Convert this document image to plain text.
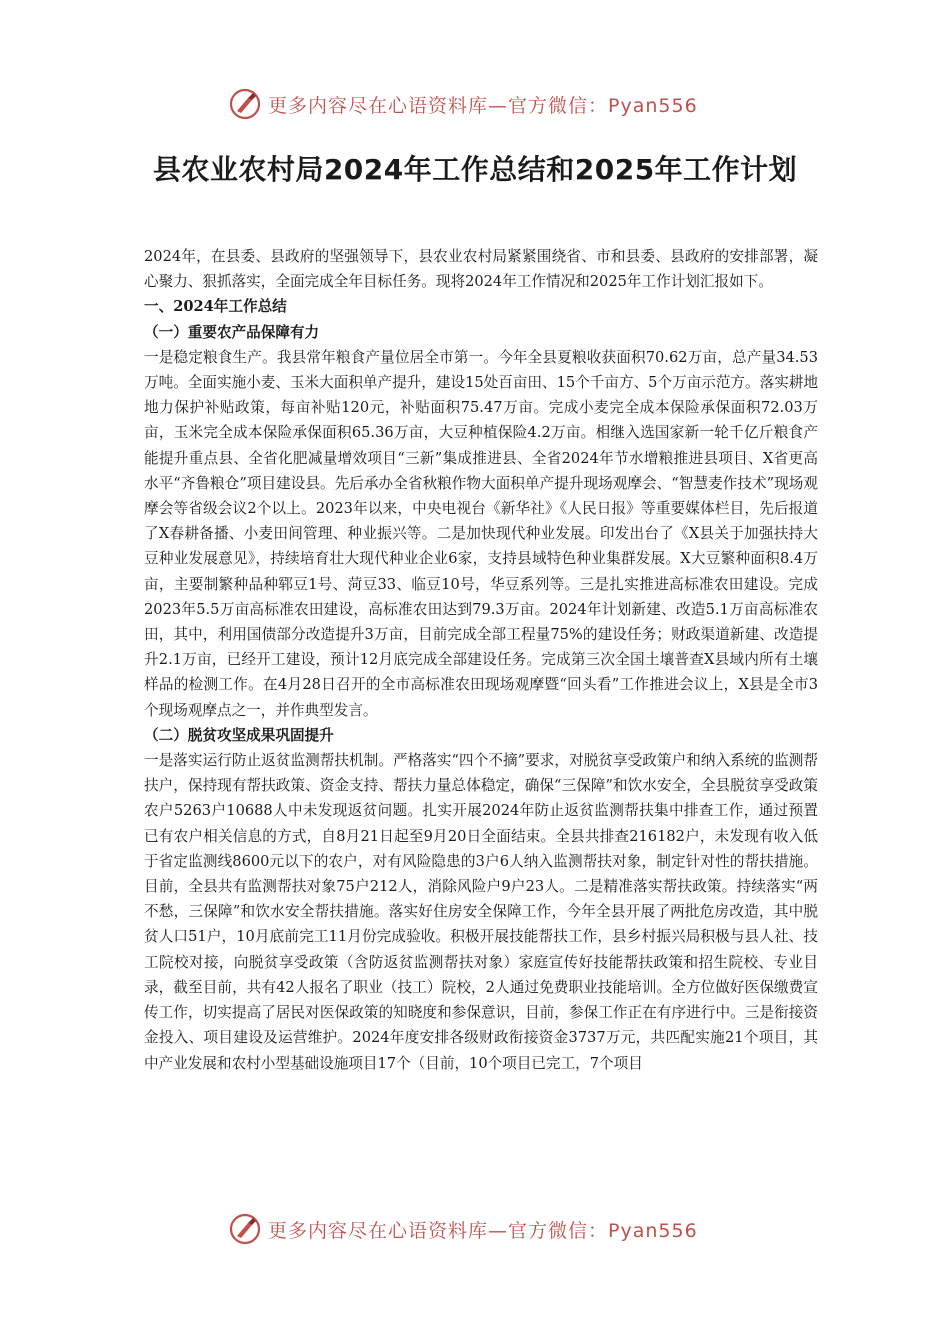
更多内容尽在心语资料库—官方微信：Pyan556
县农业农村局2024年工作总结和2025年工作计划

2024年，在县委、县政府的坚强领导下，县农业农村局紧紧围绕省、市和县委、县政府的安排部署，凝心聚力、狠抓落实，全面完成全年目标任务。现将2024年工作情况和2025年工作计划汇报如下。

一、2024年工作总结

（一）重要农产品保障有力

一是稳定粮食生产。我县常年粮食产量位居全市第一。今年全县夏粮收获面积70.62万亩，总产量34.53万吨。全面实施小麦、玉米大面积单产提升，建设15处百亩田、15个千亩方、5个万亩示范方。落实耕地地力保护补贴政策，每亩补贴120元，补贴面积75.47万亩。完成小麦完全成本保险承保面积72.03万亩，玉米完全成本保险承保面积65.36万亩，大豆种植保险4.2万亩。相继入选国家新一轮千亿斤粮食产能提升重点县、全省化肥减量增效项目“三新”集成推进县、全省2024年节水增粮推进县项目、X省更高水平“齐鲁粮仓”项目建设县。先后承办全省秋粮作物大面积单产提升现场观摩会、“智慧麦作技术”现场观摩会等省级会议2个以上。2023年以来，中央电视台《新华社》《人民日报》等重要媒体栏目，先后报道了X春耕备播、小麦田间管理、种业振兴等。二是加快现代种业发展。印发出台了《X县关于加强扶持大豆种业发展意见》，持续培育壮大现代种业企业6家，支持县域特色种业集群发展。X大豆繁种面积8.4万亩，主要制繁种品种郓豆1号、菏豆33、临豆10号，华豆系列等。三是扎实推进高标准农田建设。完成2023年5.5万亩高标准农田建设，高标准农田达到79.3万亩。2024年计划新建、改造5.1万亩高标准农田，其中，利用国债部分改造提升3万亩，目前完成全部工程量75%的建设任务；财政渠道新建、改造提升2.1万亩，已经开工建设，预计12月底完成全部建设任务。完成第三次全国土壤普查X县域内所有土壤样品的检测工作。在4月28日召开的全市高标准农田现场观摩暨“回头看”工作推进会议上，X县是全市3个现场观摩点之一，并作典型发言。

（二）脱贫攻坚成果巩固提升

一是落实运行防止返贫监测帮扶机制。严格落实“四个不摘”要求，对脱贫享受政策户和纳入系统的监测帮扶户，保持现有帮扶政策、资金支持、帮扶力量总体稳定，确保“三保障”和饮水安全，全县脱贫享受政策农户5263户10688人中未发现返贫问题。扎实开展2024年防止返贫监测帮扶集中排查工作，通过预置已有农户相关信息的方式，自8月21日起至9月20日全面结束。全县共排查216182户，未发现有收入低于省定监测线8600元以下的农户，对有风险隐患的3户6人纳入监测帮扶对象，制定针对性的帮扶措施。目前，全县共有监测帮扶对象75户212人，消除风险户9户23人。二是精准落实帮扶政策。持续落实“两不愁，三保障”和饮水安全帮扶措施。落实好住房安全保障工作，今年全县开展了两批危房改造，其中脱贫人口51户，10月底前完工11月份完成验收。积极开展技能帮扶工作，县乡村振兴局积极与县人社、技工院校对接，向脱贫享受政策（含防返贫监测帮扶对象）家庭宣传好技能帮扶政策和招生院校、专业目录，截至目前，共有42人报名了职业（技工）院校，2人通过免费职业技能培训。全方位做好医保缴费宣传工作，切实提高了居民对医保政策的知晓度和参保意识，目前，参保工作正在有序进行中。三是衔接资金投入、项目建设及运营维护。2024年度安排各级财政衔接资金3737万元，共匹配实施21个项目，其中产业发展和农村小型基础设施项目17个（目前，10个项目已完工，7个项目

更多内容尽在心语资料库—官方微信：Pyan556
